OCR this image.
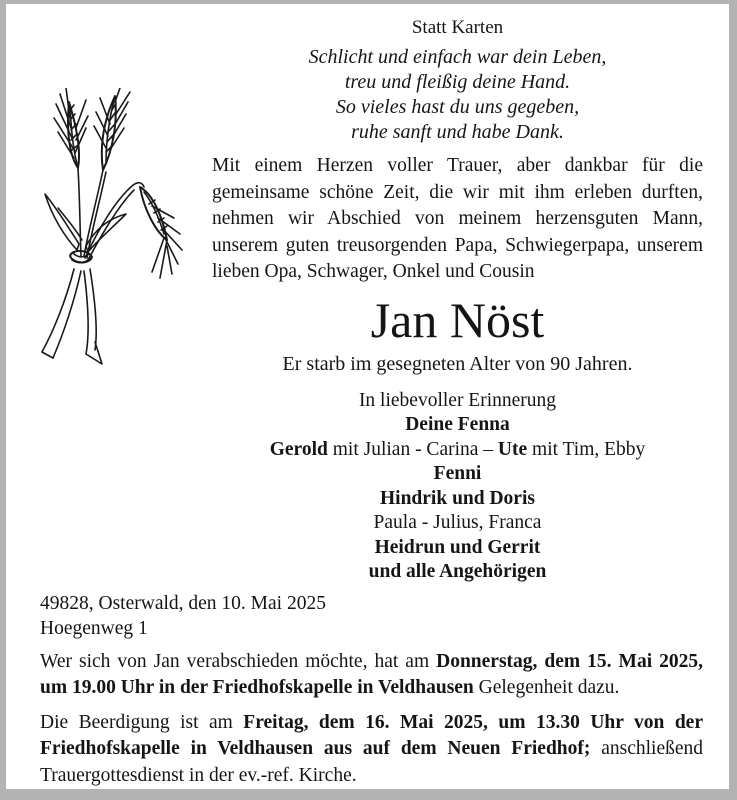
Statt Karten
Schlicht und einfach war dein Leben,
treu und fleißig deine Hand.
So vieles hast du uns gegeben,
ruhe sanft und habe Dank.
Mit einem Herzen voller Trauer, aber dankbar für die gemeinsame schöne Zeit, die wir mit ihm erleben durften, nehmen wir Abschied von meinem herzensguten Mann, unserem guten treusorgenden Papa, Schwiegerpapa, unserem lieben Opa, Schwager, Onkel und Cousin
Jan Nöst
Er starb im gesegneten Alter von 90 Jahren.
In liebevoller Erinnerung
Deine Fenna
Gerold mit Julian - Carina – Ute mit Tim, Ebby
Fenni
Hindrik und Doris
Paula - Julius, Franca
Heidrun und Gerrit
und alle Angehörigen
49828, Osterwald, den 10. Mai 2025
Hoegenweg 1

Wer sich von Jan verabschieden möchte, hat am Donnerstag, dem 15. Mai 2025, um 19.00 Uhr in der Friedhofskapelle in Veldhausen Gelegenheit dazu.

Die Beerdigung ist am Freitag, dem 16. Mai 2025, um 13.30 Uhr von der Friedhofskapelle in Veldhausen aus auf dem Neuen Friedhof; anschließend Trauergottesdienst in der ev.-ref. Kirche.
